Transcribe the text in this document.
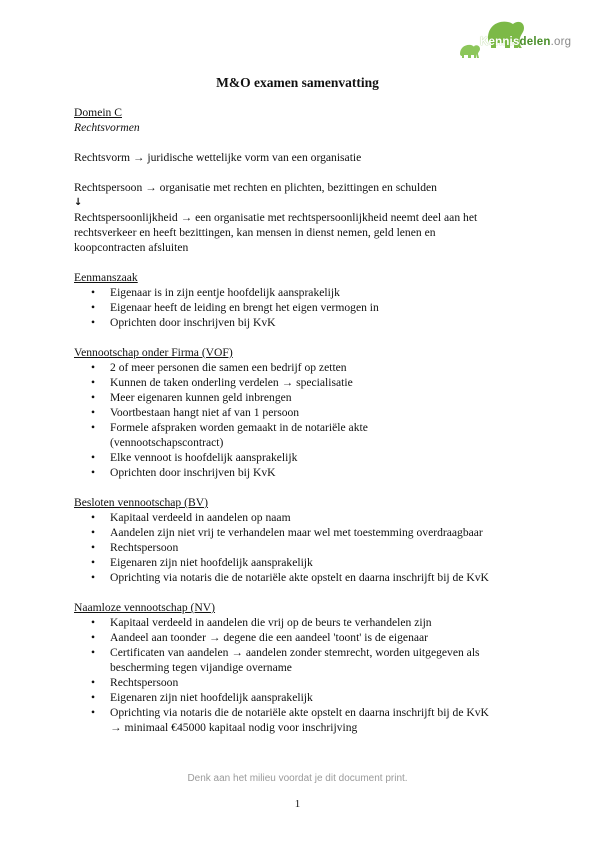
Kennisdelen.org
M&O examen samenvatting
Domein C
Rechtsvormen
Rechtsvorm → juridische wettelijke vorm van een organisatie
Rechtspersoon → organisatie met rechten en plichten, bezittingen en schulden
↓
Rechtspersoonlijkheid → een organisatie met rechtspersoonlijkheid neemt deel aan het
rechtsverkeer en heeft bezittingen, kan mensen in dienst nemen, geld lenen en
koopcontracten afsluiten
Eenmanszaak
• Eigenaar is in zijn eentje hoofdelijk aansprakelijk
• Eigenaar heeft de leiding en brengt het eigen vermogen in
• Oprichten door inschrijven bij KvK
Vennootschap onder Firma (VOF)
• 2 of meer personen die samen een bedrijf op zetten
• Kunnen de taken onderling verdelen → specialisatie
• Meer eigenaren kunnen geld inbrengen
• Voortbestaan hangt niet af van 1 persoon
• Formele afspraken worden gemaakt in de notariële akte
(vennootschapscontract)
• Elke vennoot is hoofdelijk aansprakelijk
• Oprichten door inschrijven bij KvK
Besloten vennootschap (BV)
• Kapitaal verdeeld in aandelen op naam
• Aandelen zijn niet vrij te verhandelen maar wel met toestemming overdraagbaar
• Rechtspersoon
• Eigenaren zijn niet hoofdelijk aansprakelijk
• Oprichting via notaris die de notariële akte opstelt en daarna inschrijft bij de KvK
Naamloze vennootschap (NV)
• Kapitaal verdeeld in aandelen die vrij op de beurs te verhandelen zijn
• Aandeel aan toonder → degene die een aandeel 'toont' is de eigenaar
• Certificaten van aandelen → aandelen zonder stemrecht, worden uitgegeven als
bescherming tegen vijandige overname
• Rechtspersoon
• Eigenaren zijn niet hoofdelijk aansprakelijk
• Oprichting via notaris die de notariële akte opstelt en daarna inschrijft bij de KvK
→ minimaal €45000 kapitaal nodig voor inschrijving
Denk aan het milieu voordat je dit document print.
1
